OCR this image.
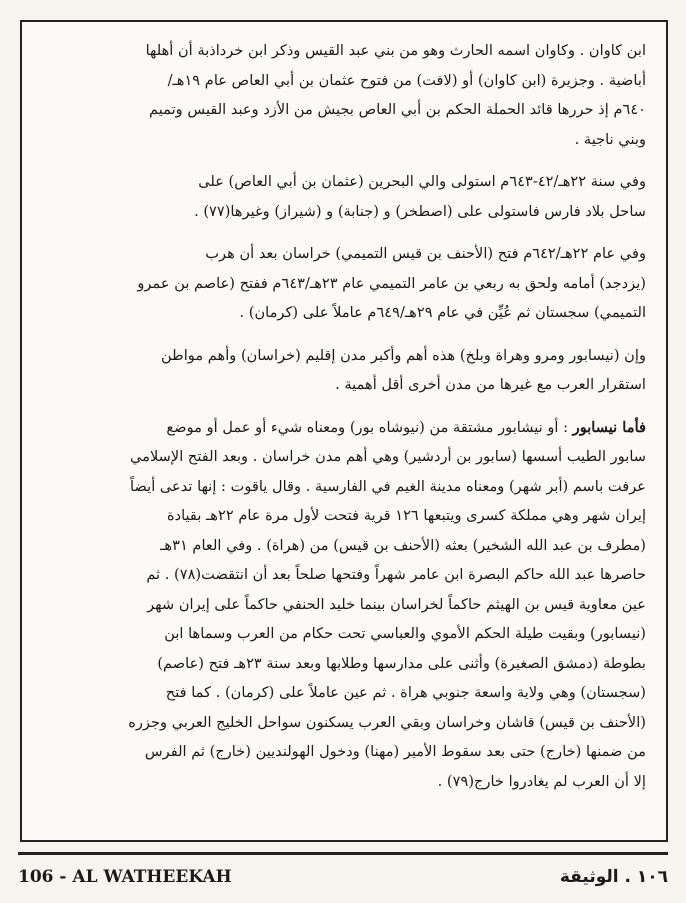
ابن كاوان . وكاوان اسمه الحارث وهو من بني عبد القيس وذكر ابن خرداذبة أن أهلها
أباضية . وجزيرة (ابن كاوان) أو (لافت) من فتوح عثمان بن أبي العاص عام ١٩هـ/
٦٤٠م إذ حررها قائد الحملة الحكم بن أبي العاص بجيش من الأزد وعبد القيس وتميم
وبني ناجية .

وفي سنة ٢٢هـ/٤٢-٦٤٣م استولى والي البحرين (عثمان بن أبي العاص) على
ساحل بلاد فارس فاستولى على (اصطخر) و (جنابة) و (شيراز) وغيرها(٧٧) .

وفي عام ٢٢هـ/٦٤٢م فتح (الأحنف بن قيس التميمي) خراسان بعد أن هرب
(يزدجد) أمامه ولحق به ربعي بن عامر التميمي عام ٢٣هـ/٦٤٣م ففتح (عاصم بن عمرو
التميمي) سجستان ثم عُيِّن في عام ٢٩هـ/٦٤٩م عاملاً على (كرمان) .

وإن (نيسابور ومرو وهراة وبلخ) هذه أهم وأكبر مدن إقليم (خراسان) وأهم مواطن
استقرار العرب مع غيرها من مدن أخرى أقل أهمية .

فأما نيسابور : أو نيشابور مشتقة من (نيوشاه بور) ومعناه شيء أو عمل أو موضع
سابور الطيب أسسها (سابور بن أردشير) وهي أهم مدن خراسان . وبعد الفتح الإسلامي
عرفت باسم (أبر شهر) ومعناه مدينة الغيم في الفارسية . وقال ياقوت : إنها تدعى أيضاً
إيران شهر وهي مملكة كسرى ويتبعها ١٢٦ قرية فتحت لأول مرة عام ٢٢هـ بقيادة
(مطرف بن عبد الله الشخير) بعثه (الأحنف بن قيس) من (هراة) . وفي العام ٣١هـ
حاصرها عبد الله حاكم البصرة ابن عامر شهراً وفتحها صلحاً بعد أن انتقضت(٧٨) . ثم
عين معاوية قيس بن الهيثم حاكماً لخراسان بينما خليد الحنفي حاكماً على إيران شهر
(نيسابور) وبقيت طيلة الحكم الأموي والعباسي تحت حكام من العرب وسماها ابن
بطوطة (دمشق الصغيرة) وأثنى على مدارسها وطلابها وبعد سنة ٢٣هـ فتح (عاصم)
(سجستان) وهي ولاية واسعة جنوبي هراة . ثم عين عاملاً على (كرمان) . كما فتح
(الأحنف بن قيس) قاشان وخراسان وبقي العرب يسكنون سواحل الخليج العربي وجزره
من ضمنها (خارج) حتى بعد سقوط الأمير (مهنا) ودخول الهولنديين (خارج) ثم الفرس
إلا أن العرب لم يغادروا خارج(٧٩) .

106 - AL WATHEEKAH	١٠٦ . الوثيقة
